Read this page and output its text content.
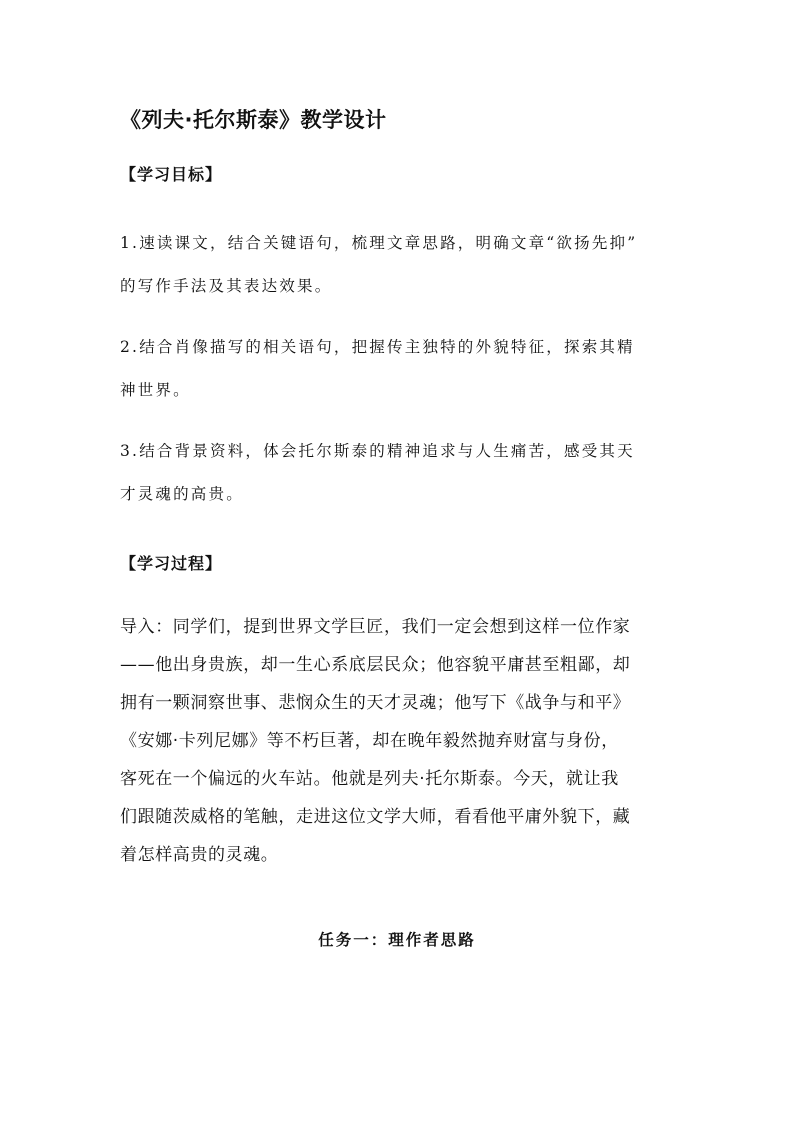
《列夫·托尔斯泰》教学设计
【学习目标】
1.速读课文，结合关键语句，梳理文章思路，明确文章“欲扬先抑”
的写作手法及其表达效果。
2.结合肖像描写的相关语句，把握传主独特的外貌特征，探索其精
神世界。
3.结合背景资料，体会托尔斯泰的精神追求与人生痛苦，感受其天
才灵魂的高贵。
【学习过程】

导入：同学们，提到世界文学巨匠，我们一定会想到这样一位作家

——他出身贵族，却一生心系底层民众；他容貌平庸甚至粗鄙，却

拥有一颗洞察世事、悲悯众生的天才灵魂；他写下《战争与和平》

《安娜·卡列尼娜》等不朽巨著，却在晚年毅然抛弃财富与身份，

客死在一个偏远的火车站。他就是列夫·托尔斯泰。今天，就让我

们跟随茨威格的笔触，走进这位文学大师，看看他平庸外貌下，藏

着怎样高贵的灵魂。

任务一：理作者思路
